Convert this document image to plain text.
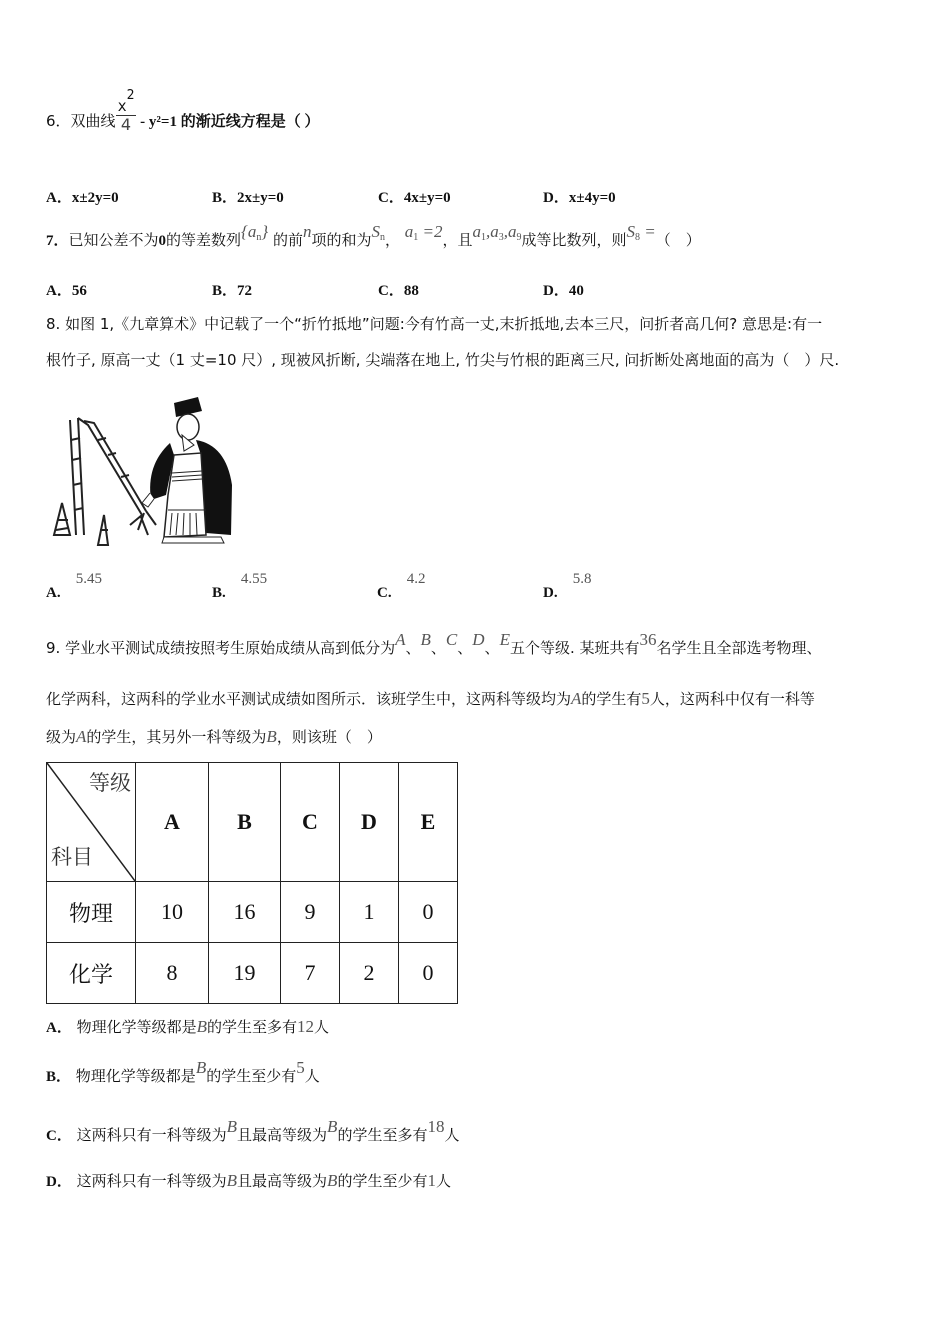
6．双曲线 $\frac{x^2}{4} - y^2=1$ 的渐近线方程是（ ）
A．x±2y=0	B．2x±y=0	C．4x±y=0	D．x±4y=0
7．已知公差不为0的等差数列$\{a_n\}$ 的前n项的和为$S_n$， $a_1 =2$，且$a_1,a_3,a_9$成等比数列，则$S_8$ =（　）
A．56	B．72	C．88	D．40
8. 如图 1,《九章算术》中记载了一个“折竹抵地”问题:今有竹高一丈,末折抵地,去本三尺，问折者高几何? 意思是:有一
根竹子, 原高一丈（1 丈=10 尺）, 现被风折断, 尖端落在地上, 竹尖与竹根的距离三尺, 问折断处离地面的高为（　）尺.
A. 5.45
B. 4.55
C. 4.2
D. 5.8
9. 学业水平测试成绩按照考生原始成绩从高到低分为A、B、C、D、E五个等级. 某班共有36名学生且全部选考物理、
化学两科，这两科的学业水平测试成绩如图所示．该班学生中，这两科等级均为A的学生有5人，这两科中仅有一科等
级为A的学生，其另外一科等级为B，则该班（　）
等级
科目	A	B	C	D	E
物理	10	16	9	1	0
化学	8	19	7	2	0
A． 物理化学等级都是B的学生至多有12人
B． 物理化学等级都是B的学生至少有5人
C． 这两科只有一科等级为B且最高等级为B的学生至多有18人
D． 这两科只有一科等级为B且最高等级为B的学生至少有1人
